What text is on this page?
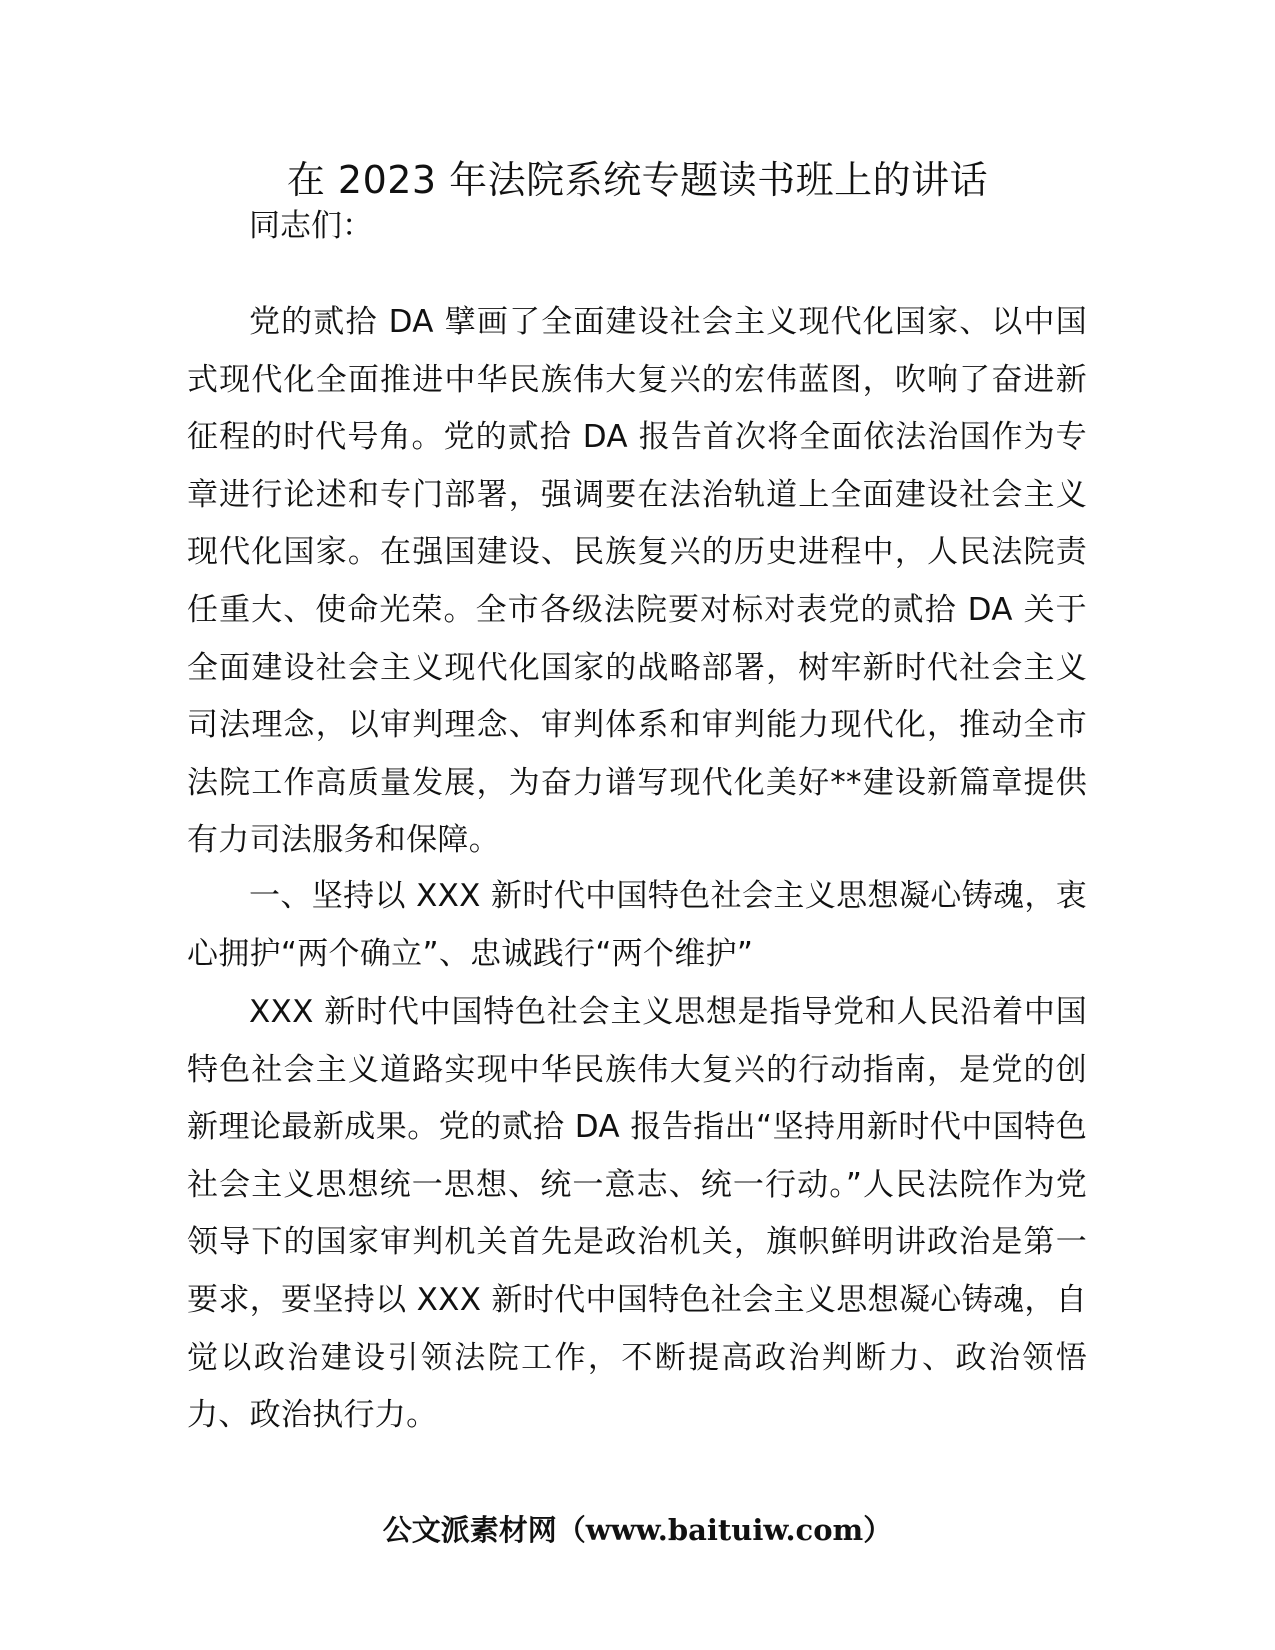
在 2023 年法院系统专题读书班上的讲话
同志们：

党的贰拾 DA 擘画了全面建设社会主义现代化国家、以中国式现代化全面推进中华民族伟大复兴的宏伟蓝图，吹响了奋进新征程的时代号角。党的贰拾 DA 报告首次将全面依法治国作为专章进行论述和专门部署，强调要在法治轨道上全面建设社会主义现代化国家。在强国建设、民族复兴的历史进程中，人民法院责任重大、使命光荣。全市各级法院要对标对表党的贰拾 DA 关于全面建设社会主义现代化国家的战略部署，树牢新时代社会主义司法理念，以审判理念、审判体系和审判能力现代化，推动全市法院工作高质量发展，为奋力谱写现代化美好**建设新篇章提供有力司法服务和保障。

一、坚持以 XXX 新时代中国特色社会主义思想凝心铸魂，衷心拥护“两个确立”、忠诚践行“两个维护”

XXX 新时代中国特色社会主义思想是指导党和人民沿着中国特色社会主义道路实现中华民族伟大复兴的行动指南，是党的创新理论最新成果。党的贰拾 DA 报告指出“坚持用新时代中国特色社会主义思想统一思想、统一意志、统一行动。”人民法院作为党领导下的国家审判机关首先是政治机关，旗帜鲜明讲政治是第一要求，要坚持以 XXX 新时代中国特色社会主义思想凝心铸魂，自觉以政治建设引领法院工作，不断提高政治判断力、政治领悟力、政治执行力。

公文派素材网（www.baituiw.com）
